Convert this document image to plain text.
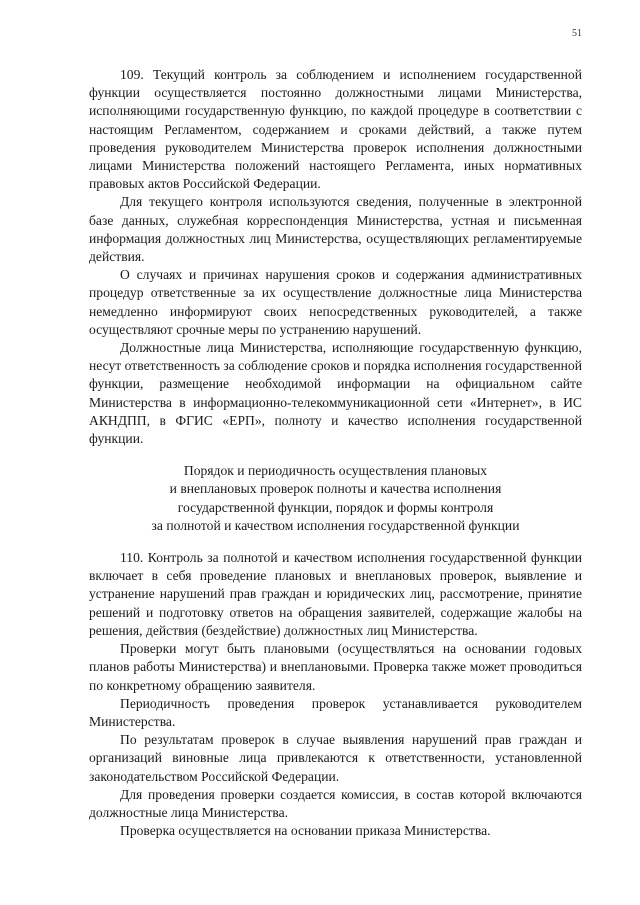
51

109. Текущий контроль за соблюдением и исполнением государственной функции осуществляется постоянно должностными лицами Министерства, исполняющими государственную функцию, по каждой процедуре в соответствии с настоящим Регламентом, содержанием и сроками действий, а также путем проведения руководителем Министерства проверок исполнения должностными лицами Министерства положений настоящего Регламента, иных нормативных правовых актов Российской Федерации.

Для текущего контроля используются сведения, полученные в электронной базе данных, служебная корреспонденция Министерства, устная и письменная информация должностных лиц Министерства, осуществляющих регламентируемые действия.

О случаях и причинах нарушения сроков и содержания административных процедур ответственные за их осуществление должностные лица Министерства немедленно информируют своих непосредственных руководителей, а также осуществляют срочные меры по устранению нарушений.

Должностные лица Министерства, исполняющие государственную функцию, несут ответственность за соблюдение сроков и порядка исполнения государственной функции, размещение необходимой информации на официальном сайте Министерства в информационно-телекоммуникационной сети «Интернет», в ИС АКНДПП, в ФГИС «ЕРП», полноту и качество исполнения государственной функции.

Порядок и периодичность осуществления плановых
и внеплановых проверок полноты и качества исполнения
государственной функции, порядок и формы контроля
за полнотой и качеством исполнения государственной функции

110. Контроль за полнотой и качеством исполнения государственной функции включает в себя проведение плановых и внеплановых проверок, выявление и устранение нарушений прав граждан и юридических лиц, рассмотрение, принятие решений и подготовку ответов на обращения заявителей, содержащие жалобы на решения, действия (бездействие) должностных лиц Министерства.

Проверки могут быть плановыми (осуществляться на основании годовых планов работы Министерства) и внеплановыми. Проверка также может проводиться по конкретному обращению заявителя.

Периодичность проведения проверок устанавливается руководителем Министерства.

По результатам проверок в случае выявления нарушений прав граждан и организаций виновные лица привлекаются к ответственности, установленной законодательством Российской Федерации.

Для проведения проверки создается комиссия, в состав которой включаются должностные лица Министерства.

Проверка осуществляется на основании приказа Министерства.
